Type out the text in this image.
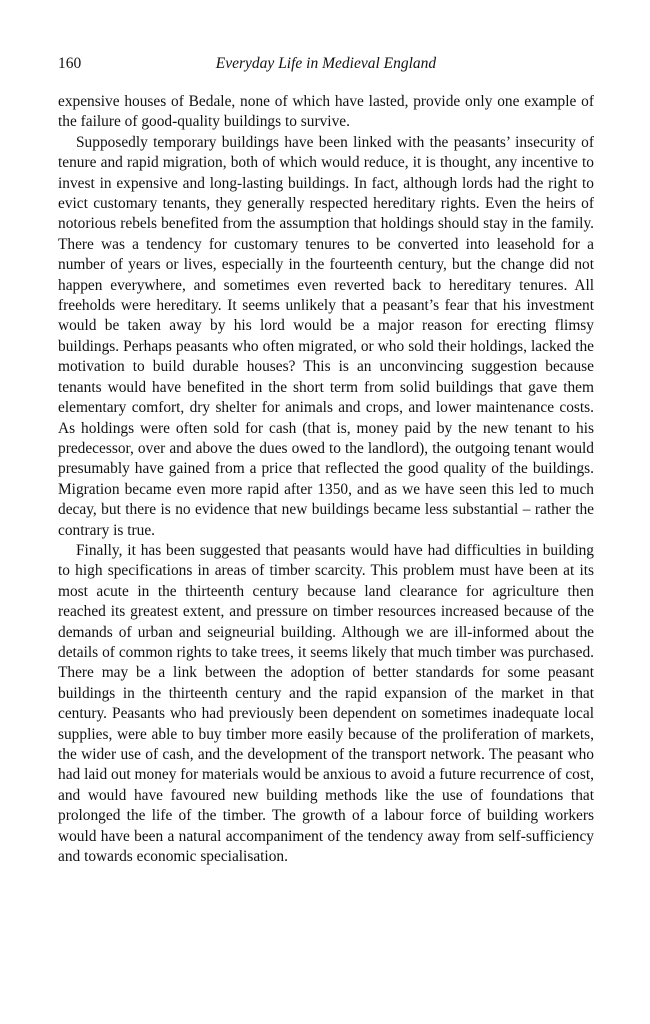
160	Everyday Life in Medieval England

expensive houses of Bedale, none of which have lasted, provide only one example of the failure of good-quality buildings to survive.

Supposedly temporary buildings have been linked with the peasants’ insecurity of tenure and rapid migration, both of which would reduce, it is thought, any incentive to invest in expensive and long-lasting buildings. In fact, although lords had the right to evict customary tenants, they generally respected hereditary rights. Even the heirs of notorious rebels benefited from the assumption that holdings should stay in the family. There was a tendency for customary tenures to be converted into leasehold for a number of years or lives, especially in the fourteenth century, but the change did not happen everywhere, and sometimes even reverted back to hereditary tenures. All freeholds were hereditary. It seems unlikely that a peasant’s fear that his investment would be taken away by his lord would be a major reason for erecting flimsy buildings. Perhaps peasants who often migrated, or who sold their holdings, lacked the motivation to build durable houses? This is an unconvincing suggestion because tenants would have benefited in the short term from solid buildings that gave them elementary comfort, dry shelter for animals and crops, and lower maintenance costs. As holdings were often sold for cash (that is, money paid by the new tenant to his predecessor, over and above the dues owed to the landlord), the outgoing tenant would presumably have gained from a price that reflected the good quality of the buildings. Migration became even more rapid after 1350, and as we have seen this led to much decay, but there is no evidence that new buildings became less substantial – rather the contrary is true.

Finally, it has been suggested that peasants would have had difficulties in building to high specifications in areas of timber scarcity. This problem must have been at its most acute in the thirteenth century because land clearance for agriculture then reached its greatest extent, and pressure on timber resources increased because of the demands of urban and seigneurial building. Although we are ill-informed about the details of common rights to take trees, it seems likely that much timber was purchased. There may be a link between the adoption of better standards for some peasant buildings in the thirteenth century and the rapid expansion of the market in that century. Peasants who had previously been dependent on sometimes inadequate local supplies, were able to buy timber more easily because of the proliferation of markets, the wider use of cash, and the development of the transport network. The peasant who had laid out money for materials would be anxious to avoid a future recurrence of cost, and would have favoured new building methods like the use of foundations that prolonged the life of the timber. The growth of a labour force of building workers would have been a natural accompaniment of the tendency away from self-sufficiency and towards economic specialisation.
